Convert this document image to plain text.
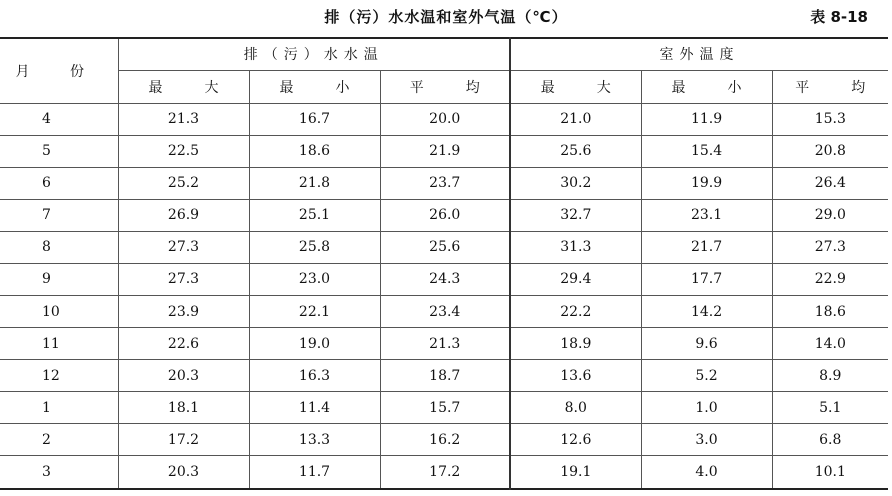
排（污）水水温和室外气温（℃）	表 8-18
月 份	排（污）水水温			室外温度		
	最 大	最 小	平 均	最 大	最 小	平 均
4	21.3	16.7	20.0	21.0	11.9	15.3
5	22.5	18.6	21.9	25.6	15.4	20.8
6	25.2	21.8	23.7	30.2	19.9	26.4
7	26.9	25.1	26.0	32.7	23.1	29.0
8	27.3	25.8	25.6	31.3	21.7	27.3
9	27.3	23.0	24.3	29.4	17.7	22.9
10	23.9	22.1	23.4	22.2	14.2	18.6
11	22.6	19.0	21.3	18.9	9.6	14.0
12	20.3	16.3	18.7	13.6	5.2	8.9
1	18.1	11.4	15.7	8.0	1.0	5.1
2	17.2	13.3	16.2	12.6	3.0	6.8
3	20.3	11.7	17.2	19.1	4.0	10.1
